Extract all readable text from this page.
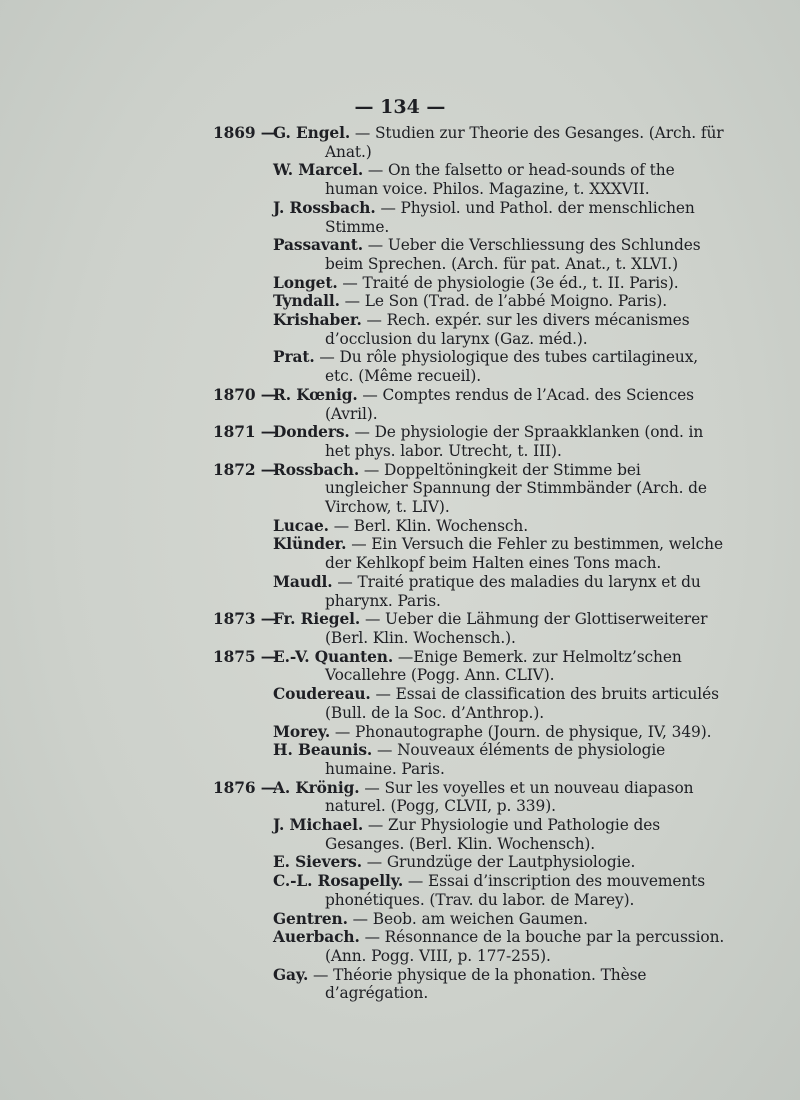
— 134 —
1869 —
G. Engel. — Studien zur Theorie des Gesanges. (Arch. für Anat.)
W. Marcel. — On the falsetto or head-sounds of the human voice. Philos. Magazine, t. XXXVII.
J. Rossbach. — Physiol. und Pathol. der menschlichen Stimme.
Passavant. — Ueber die Verschliessung des Schlundes beim Sprechen. (Arch. für pat. Anat., t. XLVI.)
Longet. — Traité de physiologie (3e éd., t. II. Paris).
Tyndall. — Le Son (Trad. de l’abbé Moigno. Paris).
Krishaber. — Rech. expér. sur les divers mécanismes d’occlusion du larynx (Gaz. méd.).
Prat. — Du rôle physiologique des tubes cartilagineux, etc. (Même recueil).
1870 —
R. Kœnig. — Comptes rendus de l’Acad. des Sciences (Avril).
1871 —
Donders. — De physiologie der Spraakklanken (ond. in het phys. labor. Utrecht, t. III).
1872 —
Rossbach. — Doppeltöningkeit der Stimme bei ungleicher Spannung der Stimmbänder (Arch. de Virchow, t. LIV).
Lucae. — Berl. Klin. Wochensch.
Klünder. — Ein Versuch die Fehler zu bestimmen, welche der Kehlkopf beim Halten eines Tons mach.
Maudl. — Traité pratique des maladies du larynx et du pharynx. Paris.
1873 —
Fr. Riegel. — Ueber die Lähmung der Glottiserweiterer (Berl. Klin. Wochensch.).
1875 —
E.-V. Quanten. —Enige Bemerk. zur Helmoltz’schen Vocallehre (Pogg. Ann. CLIV).
Coudereau. — Essai de classification des bruits articulés (Bull. de la Soc. d’Anthrop.).
Morey. — Phonautographe (Journ. de physique, IV, 349).
H. Beaunis. — Nouveaux éléments de physiologie humaine. Paris.
1876 —
A. Krönig. — Sur les voyelles et un nouveau diapason naturel. (Pogg, CLVII, p. 339).
J. Michael. — Zur Physiologie und Pathologie des Gesanges. (Berl. Klin. Wochensch).
E. Sievers. — Grundzüge der Lautphysiologie.
C.-L. Rosapelly. — Essai d’inscription des mouvements phonétiques. (Trav. du labor. de Marey).
Gentren. — Beob. am weichen Gaumen.
Auerbach. — Résonnance de la bouche par la percussion. (Ann. Pogg. VIII, p. 177-255).
Gay. — Théorie physique de la phonation. Thèse d’agrégation.
